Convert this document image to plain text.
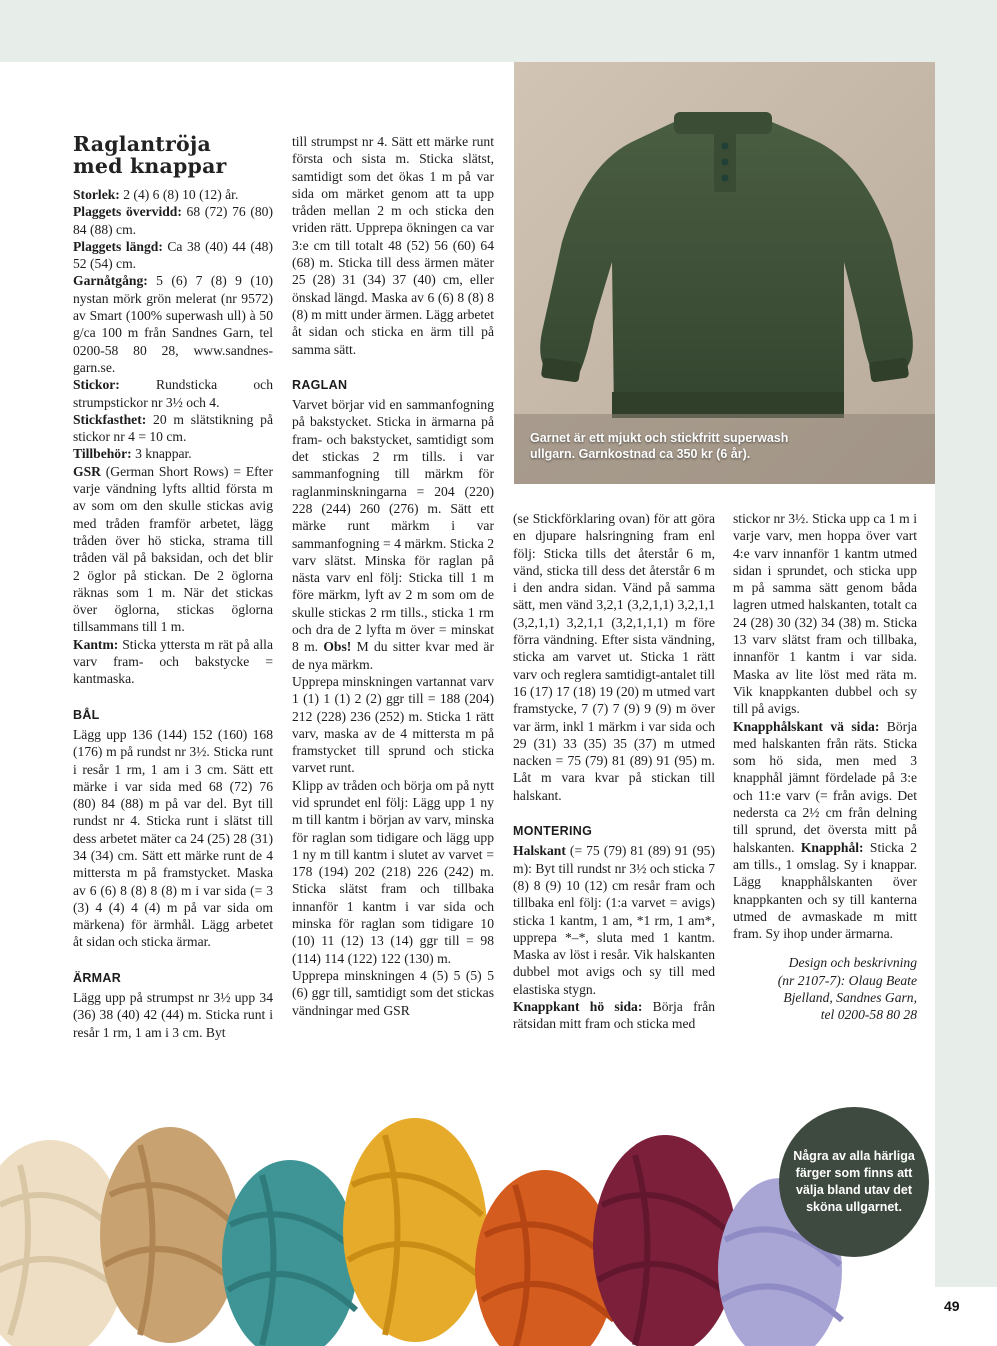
Raglantröja
med knappar

Storlek: 2 (4) 6 (8) 10 (12) år.

Plaggets övervidd: 68 (72) 76 (80) 84 (88) cm.

Plaggets längd: Ca 38 (40) 44 (48) 52 (54) cm.

Garnåtgång: 5 (6) 7 (8) 9 (10) nystan mörk grön melerat (nr 9572) av Smart (100% superwash ull) à 50 g/ca 100 m från Sandnes Garn, tel 0200-58 80 28, www.sandnes-garn.se.

Stickor: Rundsticka och strumpstickor nr 3½ och 4.

Stickfasthet: 20 m slätstikning på stickor nr 4 = 10 cm.

Tillbehör: 3 knappar.

GSR (German Short Rows) = Efter varje vändning lyfts alltid första m av som om den skulle stickas avig med tråden framför arbetet, lägg tråden över hö sticka, strama till tråden väl på baksidan, och det blir 2 öglor på stickan. De 2 öglorna räknas som 1 m. När det stickas över öglorna, stickas öglorna tillsammans till 1 m.

Kantm: Sticka yttersta m rät på alla varv fram- och bakstycke = kantmaska.

BÅL

Lägg upp 136 (144) 152 (160) 168 (176) m på rundst nr 3½. Sticka runt i resår 1 rm, 1 am i 3 cm. Sätt ett märke i var sida med 68 (72) 76 (80) 84 (88) m på var del. Byt till rundst nr 4. Sticka runt i slätst till dess arbetet mäter ca 24 (25) 28 (31) 34 (34) cm. Sätt ett märke runt de 4 mittersta m på framstycket. Maska av 6 (6) 8 (8) 8 (8) m i var sida (= 3 (3) 4 (4) 4 (4) m på var sida om märkena) för ärmhål. Lägg arbetet åt sidan och sticka ärmar.

ÄRMAR

Lägg upp på strumpst nr 3½ upp 34 (36) 38 (40) 42 (44) m. Sticka runt i resår 1 rm, 1 am i 3 cm. Byt

till strumpst nr 4. Sätt ett märke runt första och sista m. Sticka slätst, samtidigt som det ökas 1 m på var sida om märket genom att ta upp tråden mellan 2 m och sticka den vriden rätt. Upprepa ökningen ca var 3:e cm till totalt 48 (52) 56 (60) 64 (68) m. Sticka till dess ärmen mäter 25 (28) 31 (34) 37 (40) cm, eller önskad längd. Maska av 6 (6) 8 (8) 8 (8) m mitt under ärmen. Lägg arbetet åt sidan och sticka en ärm till på samma sätt.

RAGLAN

Varvet börjar vid en sammanfogning på bakstycket. Sticka in ärmarna på fram- och bakstycket, samtidigt som det stickas 2 rm tills. i var sammanfogning till märkm för raglanminskningarna = 204 (220) 228 (244) 260 (276) m. Sätt ett märke runt märkm i var sammanfogning = 4 märkm. Sticka 2 varv slätst. Minska för raglan på nästa varv enl följ: Sticka till 1 m före märkm, lyft av 2 m som om de skulle stickas 2 rm tills., sticka 1 rm och dra de 2 lyfta m över = minskat 8 m. Obs! M du sitter kvar med är de nya märkm.

Upprepa minskningen vartannat varv 1 (1) 1 (1) 2 (2) ggr till = 188 (204) 212 (228) 236 (252) m. Sticka 1 rätt varv, maska av de 4 mittersta m på framstycket till sprund och sticka varvet runt.

Klipp av tråden och börja om på nytt vid sprundet enl följ: Lägg upp 1 ny m till kantm i början av varv, minska för raglan som tidigare och lägg upp 1 ny m till kantm i slutet av varvet = 178 (194) 202 (218) 226 (242) m. Sticka slätst fram och tillbaka innanför 1 kantm i var sida och minska för raglan som tidigare 10 (10) 11 (12) 13 (14) ggr till = 98 (114) 114 (122) 122 (130) m.

Upprepa minskningen 4 (5) 5 (5) 5 (6) ggr till, samtidigt som det stickas vändningar med GSR

Garnet är ett mjukt och stickfritt superwash ullgarn. Garnkostnad ca 350 kr (6 år).

(se Stickförklaring ovan) för att göra en djupare halsringning fram enl följ: Sticka tills det återstår 6 m, vänd, sticka till dess det återstår 6 m i den andra sidan. Vänd på samma sätt, men vänd 3,2,1 (3,2,1,1) 3,2,1,1 (3,2,1,1) 3,2,1,1 (3,2,1,1,1) m före förra vändning. Efter sista vändning, sticka am varvet ut. Sticka 1 rätt varv och reglera samtidigt-antalet till 16 (17) 17 (18) 19 (20) m utmed vart framstycke, 7 (7) 7 (9) 9 (9) m över var ärm, inkl 1 märkm i var sida och 29 (31) 33 (35) 35 (37) m utmed nacken = 75 (79) 81 (89) 91 (95) m. Låt m vara kvar på stickan till halskant.

MONTERING

Halskant (= 75 (79) 81 (89) 91 (95) m): Byt till rundst nr 3½ och sticka 7 (8) 8 (9) 10 (12) cm resår fram och tillbaka enl följ: (1:a varvet = avigs) sticka 1 kantm, 1 am, *1 rm, 1 am*, upprepa *–*, sluta med 1 kantm. Maska av löst i resår. Vik halskanten dubbel mot avigs och sy till med elastiska stygn.

Knappkant hö sida: Börja från rätsidan mitt fram och sticka med

stickor nr 3½. Sticka upp ca 1 m i varje varv, men hoppa över vart 4:e varv innanför 1 kantm utmed sidan i sprundet, och sticka upp m på samma sätt genom båda lagren utmed halskanten, totalt ca 24 (28) 30 (32) 34 (38) m. Sticka 13 varv slätst fram och tillbaka, innanför 1 kantm i var sida. Maska av lite löst med räta m. Vik knappkanten dubbel och sy till på avigs.

Knapphålskant vä sida: Börja med halskanten från räts. Sticka som hö sida, men med 3 knapphål jämnt fördelade på 3:e och 11:e varv (= från avigs. Det nedersta ca 2½ cm från delning till sprund, det översta mitt på halskanten. Knapphål: Sticka 2 am tills., 1 omslag. Sy i knappar. Lägg knapphålskanten över knappkanten och sy till kanterna utmed de avmaskade m mitt fram. Sy ihop under ärmarna.

Design och beskrivning

(nr 2107-7): Olaug Beate

Bjelland, Sandnes Garn,

tel 0200-58 80 28

Några av alla härliga färger som finns att välja bland utav det sköna ullgarnet.
49
